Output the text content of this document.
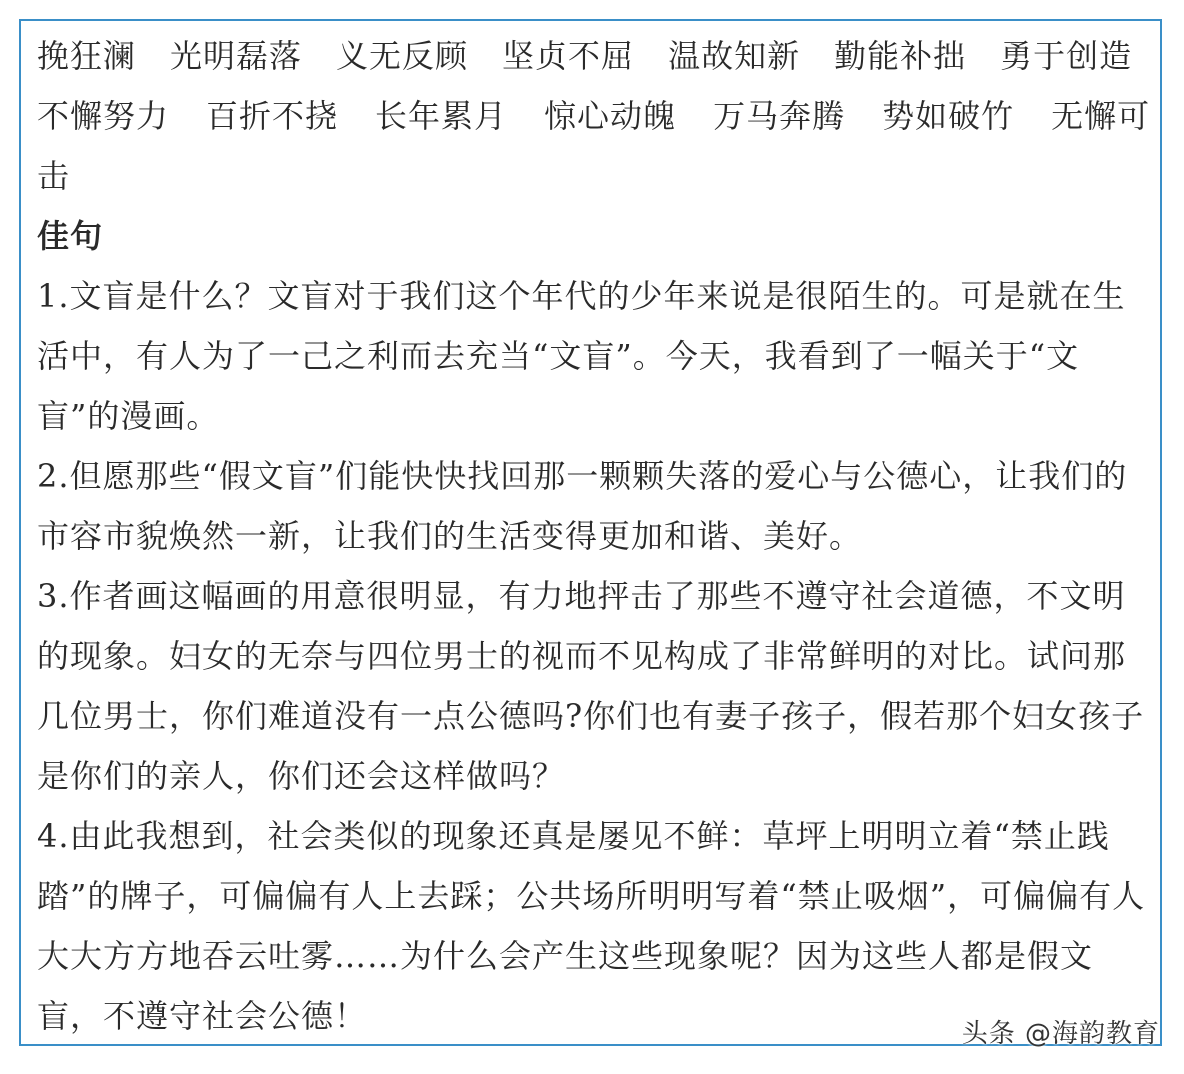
挽狂澜 光明磊落 义无反顾 坚贞不屈 温故知新 勤能补拙 勇于创造
不懈努力 百折不挠 长年累月 惊心动魄 万马奔腾 势如破竹 无懈可
击
佳句
1.文盲是什么？文盲对于我们这个年代的少年来说是很陌生的。可是就在生活中，有人为了一己之利而去充当“文盲”。今天，我看到了一幅关于“文盲”的漫画。
2.但愿那些“假文盲”们能快快找回那一颗颗失落的爱心与公德心，让我们的市容市貌焕然一新，让我们的生活变得更加和谐、美好。
3.作者画这幅画的用意很明显，有力地抨击了那些不遵守社会道德，不文明的现象。妇女的无奈与四位男士的视而不见构成了非常鲜明的对比。试问那几位男士，你们难道没有一点公德吗?你们也有妻子孩子，假若那个妇女孩子是你们的亲人，你们还会这样做吗？
4.由此我想到，社会类似的现象还真是屡见不鲜：草坪上明明立着“禁止践踏”的牌子，可偏偏有人上去踩；公共场所明明写着“禁止吸烟”，可偏偏有人大大方方地吞云吐雾……为什么会产生这些现象呢？因为这些人都是假文盲，不遵守社会公德！	头条 @海韵教育
